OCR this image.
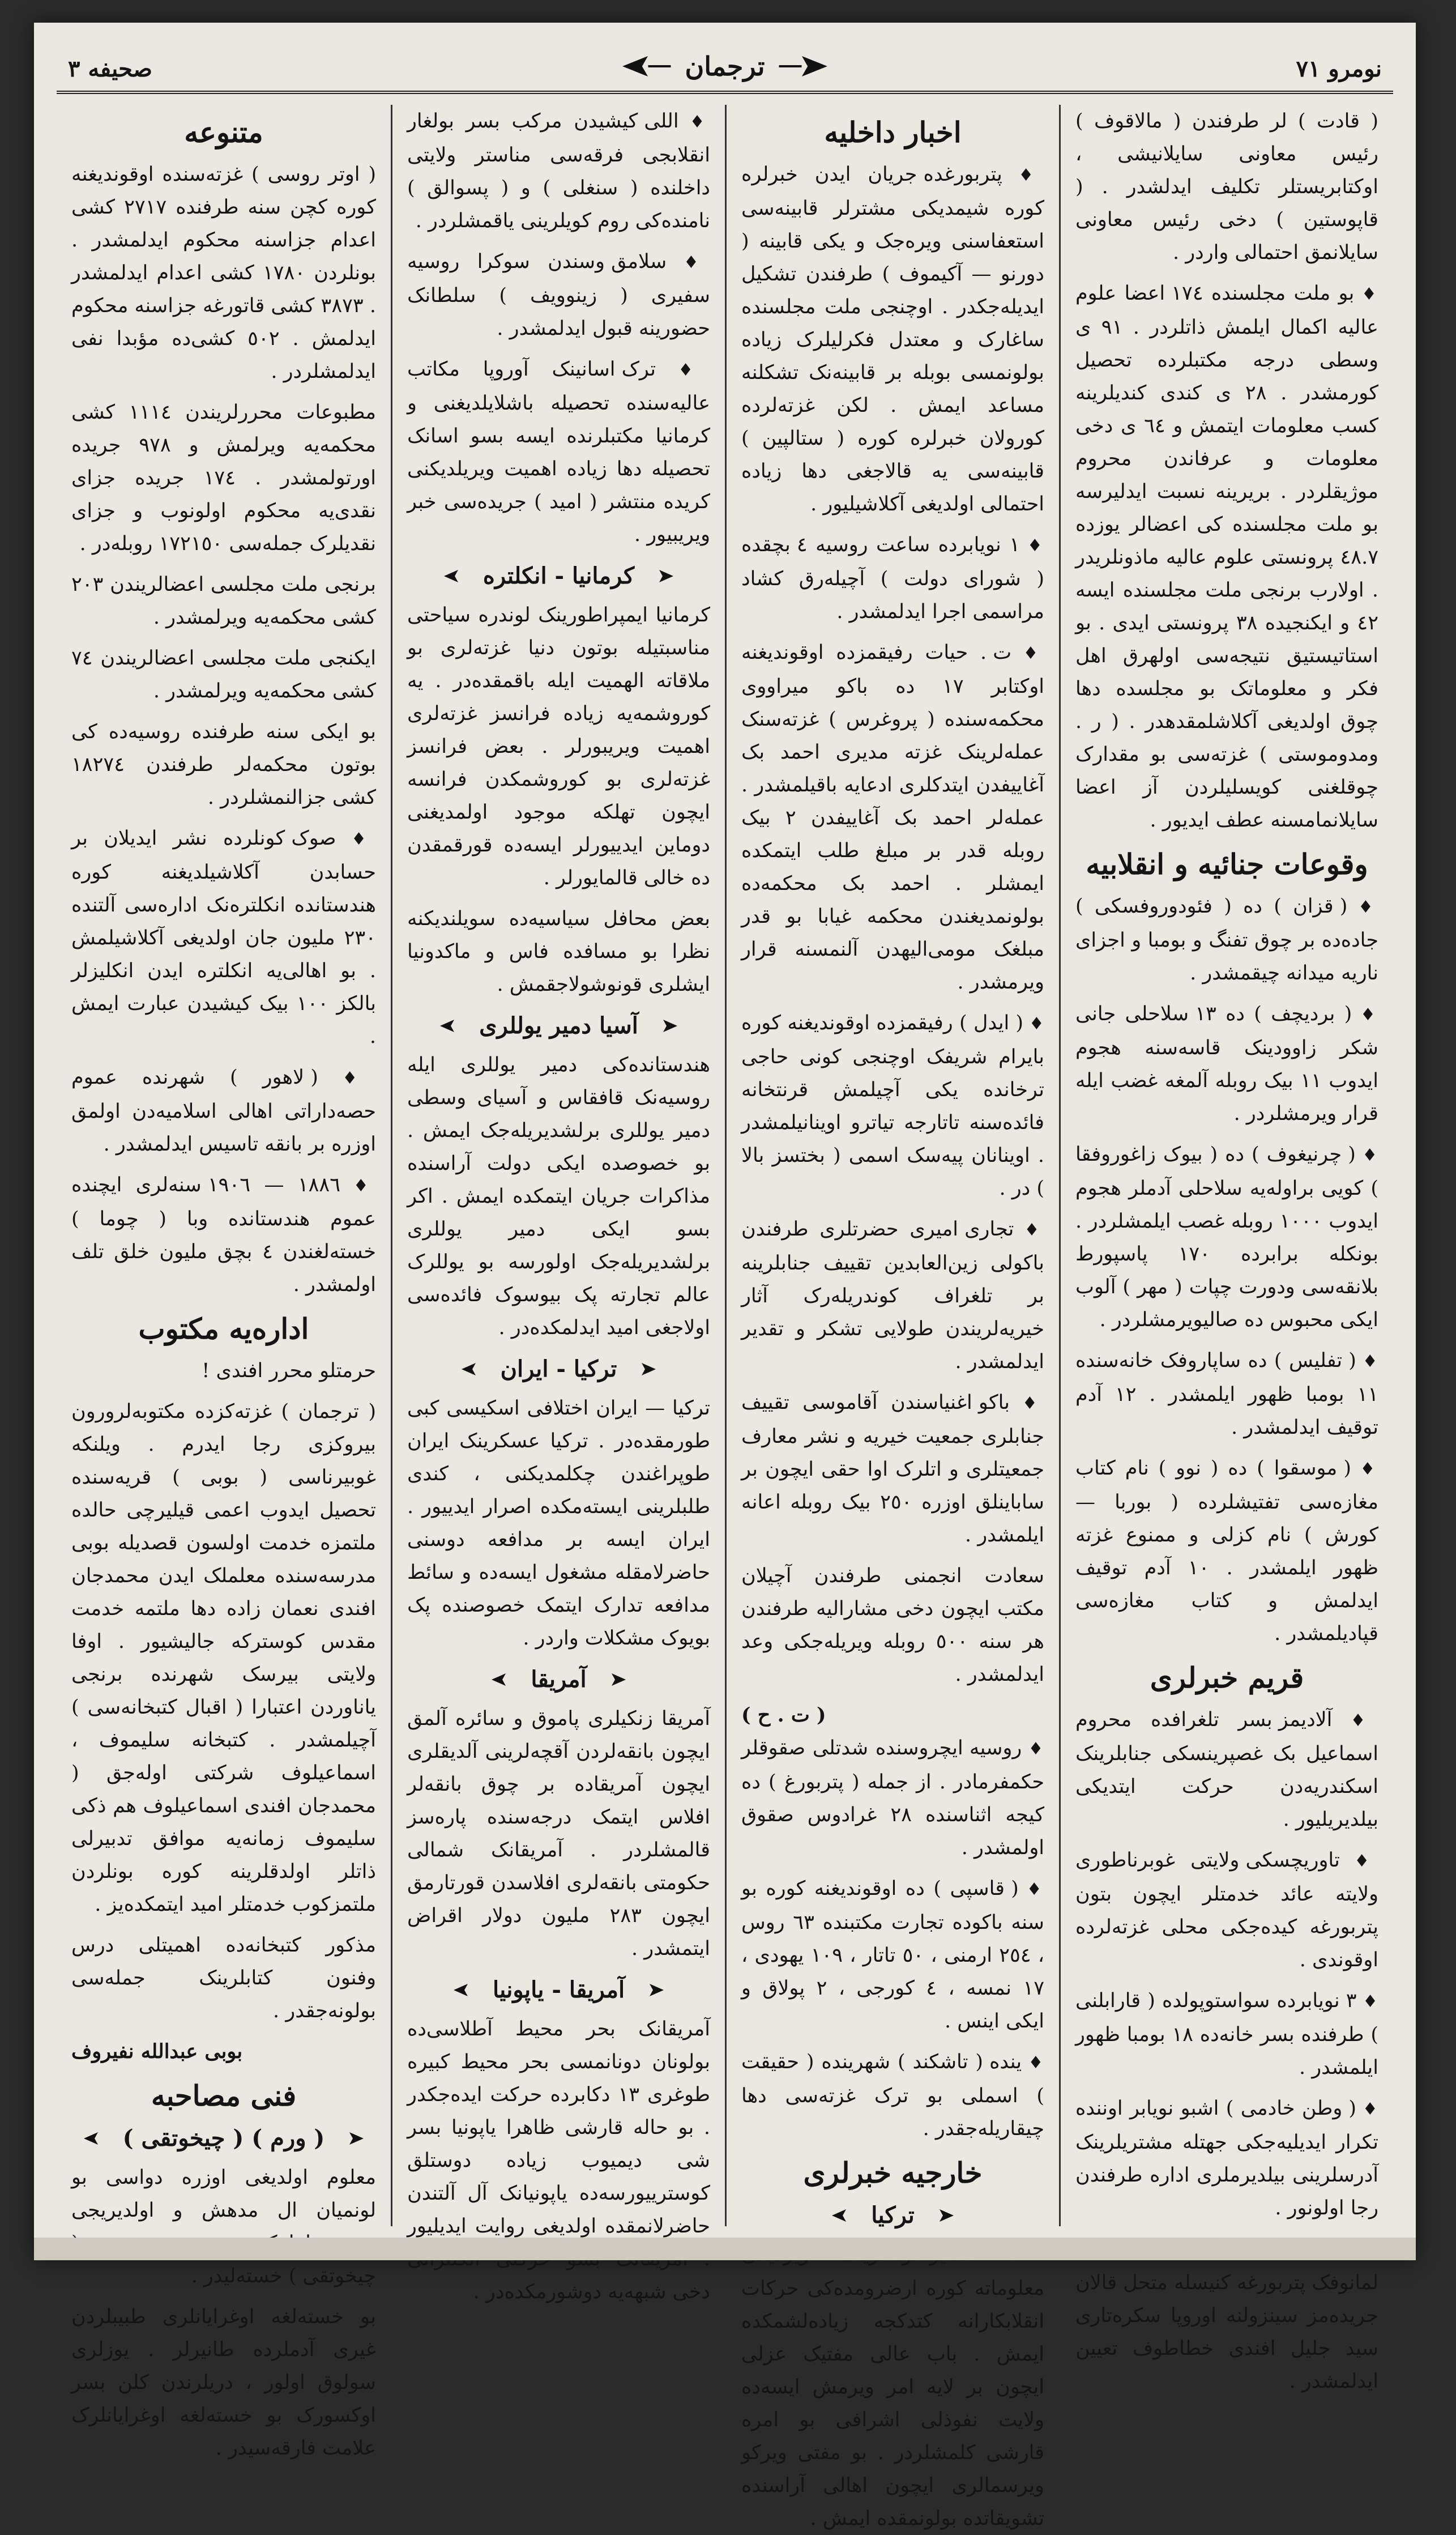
نومرو ٧١
ترجمان
صحیفه ٣
( قادت ) لر طرفندن ( مالاقوف ) رئیس معاونی سایلانیشی ، اوکتابریستلر تکلیف ایدلشدر . ( قاپوستین ) دخی رئیس معاونی سایلانمق احتمالی واردر .
♦ بو ملت مجلسنده ١٧٤ اعضا علوم عالیه اکمال ایلمش ذاتلردر . ٩١ ی وسطی درجه مکتبلرده تحصیل کورمشدر . ٢٨ ی کندی کندیلرینه کسب معلومات ایتمش و ٦٤ ی دخی معلومات و عرفاندن محروم موژیقلردر . بریرینه نسبت ایدلیرسه بو ملت مجلسنده کی اعضالر یوزده ٤٨.٧ پرونستی علوم عالیه ماذونلریدر . اولارب برنجی ملت مجلسنده ایسه ٤٢ و ایکنجیده ٣٨ پرونستی ایدی . بو استاتیستیق نتیجه‌سی اولهرق اهل فکر و معلوماتک بو مجلسده دها چوق اولدیغی آکلاشلمقدهدر . ( ر . ومدوموستی ) غزته‌سی بو مقدارک چوقلغنی کویسلیلردن آز اعضا سایلانمامسنه عطف ایدیور .
وقوعات جنائیه و انقلابیه
♦ ( قزان ) ده ( فئودوروفسکی ) جاده‌ده بر چوق تفنگ و بومبا و اجزای ناریه میدانه چیقمشدر .
♦ ( بردیچف ) ده ١٣ سلاحلی جانی شکر زاوودینک قاسه‌سنه هجوم ایدوب ١١ بیک روبله آلمغه غضب ایله قرار ویرمشلردر .
♦ ( چرنیغوف ) ده ( بیوک زاغوروفقا ) کویی براوله‌یه سلاحلی آدملر هجوم ایدوب ١٠٠٠ روبله غصب ایلمشلردر . بونکله برابرده ١٧٠ پاسپورط بلانقه‌سی ودورت چپات ( مهر ) آلوب ایکی محبوس ده صالیویرمشلردر .
♦ ( تفلیس ) ده ساپاروفک خانه‌سنده ١١ بومبا ظهور ایلمشدر . ١٢ آدم توقیف ایدلمشدر .
♦ ( موسقوا ) ده ( نوو ) نام کتاب مغازه‌سی تفتیشلرده ( بوربا — کورش ) نام کزلی و ممنوع غزته ظهور ایلمشدر . ١٠ آدم توقیف ایدلمش و کتاب مغازه‌سی قپادیلمشدر .
قریم خبرلری
♦ آلادیمز بسر تلغرافده محروم اسماعیل بک غصپرینسکی جنابلرینک اسکندریه‌دن حرکت ایتدیکی بیلدیریلیور .
♦ تاوریچسکی ولایتی غوبرناطوری ولایته عائد خدمتلر ایچون بتون پتربورغه کیده‌جکی محلی غزته‌لرده اوقوندی .
♦ ٣ نویابرده سواستوپولده ( قارابلنی ) طرفنده بسر خانه‌ده ١٨ بومبا ظهور ایلمشدر .
♦ ( وطن خادمی ) اشبو نویابر اوننده تکرار ایدیلیه‌جکی جهتله مشتریلرینک آدرسلرینی بیلدیرملری اداره طرفندن رجا اولونور .
♦ لمانوفک پتربورغه کنیسله متحل قالان جریده‌مز سینزولنه اوروپا سکره‌تاری سید جلیل افندی خطاطوف تعیین ایدلمشدر .
اخبار داخلیه
♦ پتربورغده جریان ایدن خبرلره کوره شیمدیکی مشترلر قابینه‌سی استعفاسنی ویره‌جک و یکی قابینه ( دورنو — آکیموف ) طرفندن تشکیل ایدیله‌جکدر . اوچنجی ملت مجلسنده ساغارک و معتدل فکرلیلرک زیاده بولونمسی بوبله بر قابینه‌نک تشکلنه مساعد ایمش . لکن غزته‌لرده کورولان خبرلره کوره ( ستالپین ) قابینه‌سی یه قالاجغی دها زیاده احتمالی اولدیغی آکلاشیلیور .
♦ ١ نویابرده ساعت روسیه ٤ بچقده ( شورای دولت ) آچیله‌رق کشاد مراسمی اجرا ایدلمشدر .
♦ ت . حیات رفیقمزده اوقوندیغنه اوکتابر ١٧ ده باکو میراووی محکمه‌سنده ( پروغرس ) غزته‌سنک عمله‌لرینک غزته مدیری احمد بک آغاییفدن ایتدکلری ادعایه باقیلمشدر . عمله‌لر احمد بک آغاییفدن ٢ بیک روبله قدر بر مبلغ طلب ایتمکده ایمشلر . احمد بک محکمه‌ده بولونمدیغندن محکمه غیابا بو قدر مبلغک مومی‌الیهدن آلنمسنه قرار ویرمشدر .
♦ ( ایدل ) رفیقمزده اوقوندیغنه کوره بایرام شریفک اوچنجی کونی حاجی ترخانده یکی آچیلمش قرنتخانه فائده‌سنه تاتارجه تیاترو اوینانیلمشدر . اوینانان پیه‌سک اسمی ( بختسز بالا ) در .
♦ تجاری امیری حضرتلری طرفندن باکولی زین‌العابدین تقییف جنابلرینه بر تلغراف کوندریله‌رک آثار خیریه‌لریندن طولایی تشکر و تقدیر ایدلمشدر .
♦ باکو اغنیاسندن آقاموسی تقییف جنابلری جمعیت خیریه و نشر معارف جمعیتلری و اتلرک اوا حقی ایچون بر ساباینلق اوزره ٢٥٠ بیک روبله اعانه ایلمشدر .
سعادت انجمنی طرفندن آچیلان مکتب ایچون دخی مشارالیه طرفندن هر سنه ٥٠٠ روبله ویریله‌جکی وعد ایدلمشدر .
( ت . ح )
♦ روسیه ایچروسنده شدتلی صقوقلر حکمفرمادر . از جمله ( پتربورغ ) ده کیجه اثناسنده ٢٨ غرادوس صقوق اولمشدر .
♦ ( قاسپی ) ده اوقوندیغنه کوره بو سنه باکوده تجارت مکتبنده ٦٣ روس ، ٢٥٤ ارمنی ، ٥٠ تاتار ، ١٠٩ یهودی ، ١٧ نمسه ، ٤ کورجی ، ٢ پولاق و ایکی اینس .
♦ ینده ( تاشکند ) شهرینده ( حقیقت ) اسملی بو ترک غزته‌سی دها چیقاریله‌جقدر .
خارجیه خبرلری
ترکیا
♦ معلوماته کوره ارضرومده‌کی حرکات انقلابکارانه کتدکجه زیاده‌لشمکده ایمش . باب عالی مفتیک عزلی ایچون بر لایه امر ویرمش ایسه‌ده ولایت نفوذلی اشرافی بو امره قارشی کلمشلردر . بو مفتی ویرکو ویرسمالری ایچون اهالی آراسنده تشویقاتده بولونمقده ایمش .
♦ اللی کیشیدن مرکب بسر بولغار انقلابجی فرقه‌سی مناستر ولایتی داخلنده ( سنغلی ) و ( پسوالق ) نامنده‌کی روم کویلرینی یاقمشلردر .
♦ سلامق وسندن سوکرا روسیه سفیری ( زینوویف ) سلطانک حضورینه قبول ایدلمشدر .
♦ ترک اسانینک آوروپا مکاتب عالیه‌سنده تحصیله باشلایلدیغنی و کرمانیا مکتبلرنده ایسه بسو اسانک تحصیله دها زیاده اهمیت ویریلدیکنی کرید‌ه منتشر ( امید ) جریده‌سی خبر ویریبیور .
کرمانیا - انکلتره
کرمانیا ایمپراطورینک لوندره سیاحتی مناسبتیله بوتون دنیا غزته‌لری بو ملاقاته الهمیت ایله باقمقده‌در . یه کوروشمه‌یه زیاده فرانسز غزته‌لری اهمیت ویریبورلر . بعض فرانسز غزته‌لری بو کوروشمکدن فرانسه ایچون تهلکه موجود اولمدیغنی دوماین ایدییورلر ایسه‌ده قورقمقدن ده خالی قالمایورلر .
بعض محافل سیاسیه‌ده سویلندیکنه نظرا بو مسافده فاس و ماکدونیا ایشلری قونوشولاجقمش .
آسیا دمیر یوللری
هندستانده‌کی دمیر یوللری ایله روسیه‌نک قافقاس و آسیای وسطی دمیر یوللری برلشدیریله‌جک ایمش . بو خصوصده ایکی دولت آراسنده مذاکرات جریان ایتمکده ایمش . اکر بسو ایکی دمیر یوللری برلشدیریله‌جک اولورسه بو یوللرک عالم تجارته پک بیوسوک فائده‌سی اولاجغی امید ایدلمکده‌در .
ترکیا - ایران
ترکیا — ایران اختلافی اسکیسی کبی طورمقده‌در . ترکیا عسکرینک ایران طوپراغندن چکلمدیکنی ، کندی طلبلرینی ایسته‌مکده اصرار ایدییور . ایران ایسه بر مدافعه دوسنی حاضرلامقله مشغول ایسه‌ده و سائط مدافعه تدارک ایتمک خصوصنده پک بویوک مشکلات واردر .
آمریقا
آمریقا زنکیلری پاموق و سائره آلمق ایچون بانقه‌لردن آقچه‌لرینی آلدیقلری ایچون آمریقاده بر چوق بانقه‌لر افلاس ایتمک درجه‌سنده پاره‌سز قالمشلردر . آمریقانک شمالی حکومتی بانقه‌لری افلاسدن قورتارمق ایچون ٢٨٣ ملیون دولار اقراض ایتمشدر .
آمریقا - یاپونیا
آمریقانک بحر محیط آطلاسی‌ده بولونان دونانمسی بحر محیط کبیره طوغری ١٣ دکابرده حرکت ایده‌جکدر . بو حاله قارشی ظاهرا یاپونیا بسر شی دیمیوب زیاده دوستلق کوسترییورسه‌ده یاپونیانک آل آلتندن حاضرلانمقده اولدیغی روایت ایدیلیور دخی شبهه‌یه دوشورمکده‌در .
متنوعه
( اوتر روسی ) غزته‌سنده اوقوندیغنه کوره کچن سنه طرفنده ٢٧١٧ کشی اعدام جزاسنه محکوم ایدلمشدر . بونلردن ١٧٨٠ کشی اعدام ایدلمشدر . ٣٨٧٣ کشی قاتورغه جزاسنه محکوم ایدلمش . ٥٠٢ کشی‌ده مؤبدا نفی ایدلمشلردر .
مطبوعات محررلریندن ١١١٤ کشی محکمه‌یه ویرلمش و ٩٧٨ جریده اورتولمشدر . ١٧٤ جریده جزای نقدی‌یه محکوم اولونوب و جزای نقدیلرک جمله‌سی ١٧٢١٥٠ روبله‌در .
برنجی ملت مجلسی اعضالریندن ٢٠٣ کشی محکمه‌یه ویرلمشدر .
ایکنجی ملت مجلسی اعضالریندن ٧٤ کشی محکمه‌یه ویرلمشدر .
بو ایکی سنه طرفنده روسیه‌ده کی بوتون محکمه‌لر طرفندن ١٨٢٧٤ کشی جزالنمشلردر .
♦ صوک کونلرده نشر ایدیلان بر حسابدن آکلاشیلدیغنه کوره هندستانده انکلتره‌نک اداره‌سی آلتنده ٢٣٠ ملیون جان اولدیغی آکلاشیلمش . بو اهالی‌یه انکلتره ایدن انکلیزلر بالکز ١٠٠ بیک کیشیدن عبارت ایمش .
♦ ( لاهور ) شهرنده عموم حصه‌داراتی اهالی اسلامیه‌دن اولمق اوزره بر بانقه تاسیس ایدلمشدر .
♦ ١٨٨٦ — ١٩٠٦ سنه‌لری ایچنده عموم هندستانده وبا ( چوما ) خسته‌لغندن ٤ بچق ملیون خلق تلف اولمشدر .
اداره‌یه مکتوب
حرمتلو محرر افندی !
( ترجمان ) غزته‌کزده مکتوبه‌لرورون بیروکزی رجا ایدرم . ویلنکه غوبیرناسی ( بوبی ) قریه‌سنده تحصیل ایدوب اعمی قیلیرچی حالده ملتمزه خدمت اولسون قصدیله بوبی مدرسه‌سنده معلملک ایدن محمدجان افندی نعمان زاده دها ملتمه خدمت مقدس کوسترکه جالیشیور . اوفا ولایتی بیرسک شهرنده برنجی یاناوردن اعتبارا ( اقبال کتبخانه‌سی ) آچیلمشدر . کتبخانه سلیموف ، اسماعیلوف شرکتی اوله‌جق ( محمدجان افندی اسماعیلوف هم ذکی سلیموف زمانه‌یه موافق تدبیرلی ذاتلر اولدقلرینه کوره بونلردن ملتمزکوب خدمتلر امید ایتمکده‌یز .
مذکور کتبخانه‌ده اهمیتلی درس وفنون کتابلرینک جمله‌سی بولونه‌جقدر .
بوبی عبدالله نفیروف
فنی مصاحبه
( ورم ) ( چیخوتقی )
معلوم اولدیغی اوزره دواسی بو لونمیان ال مدهش و اولدیریجی چیخوتقی ) خسته‌لیدر .
بو خسته‌لغه اوغرایانلری طبیبلردن غیری آدملرده طانیرلر . یوزلری سولوق اولور ، دریلرندن کلن بسر اوکسورک بو خسته‌لغه اوغرایانلرک علامت فارقه‌سیدر .
